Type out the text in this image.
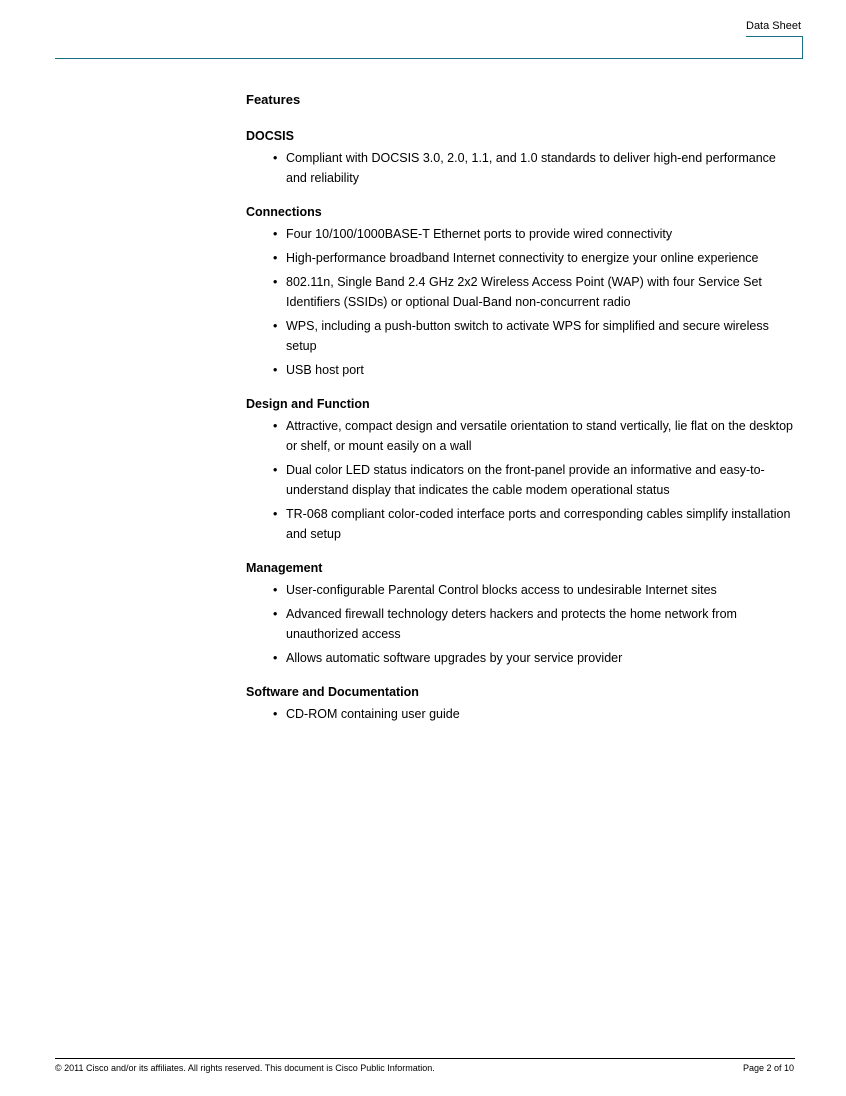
Data Sheet
Features
DOCSIS
• Compliant with DOCSIS 3.0, 2.0, 1.1, and 1.0 standards to deliver high-end performance
and reliability
Connections
• Four 10/100/1000BASE-T Ethernet ports to provide wired connectivity
• High-performance broadband Internet connectivity to energize your online experience
• 802.11n, Single Band 2.4 GHz 2x2 Wireless Access Point (WAP) with four Service Set
Identifiers (SSIDs) or optional Dual-Band non-concurrent radio
• WPS, including a push-button switch to activate WPS for simplified and secure wireless
setup
• USB host port
Design and Function
• Attractive, compact design and versatile orientation to stand vertically, lie flat on the desktop
or shelf, or mount easily on a wall
• Dual color LED status indicators on the front-panel provide an informative and easy-to-
understand display that indicates the cable modem operational status
• TR-068 compliant color-coded interface ports and corresponding cables simplify installation
and setup
Management
• User-configurable Parental Control blocks access to undesirable Internet sites
• Advanced firewall technology deters hackers and protects the home network from
unauthorized access
• Allows automatic software upgrades by your service provider
Software and Documentation
• CD-ROM containing user guide
© 2011 Cisco and/or its affiliates. All rights reserved. This document is Cisco Public Information.	Page 2 of 10
